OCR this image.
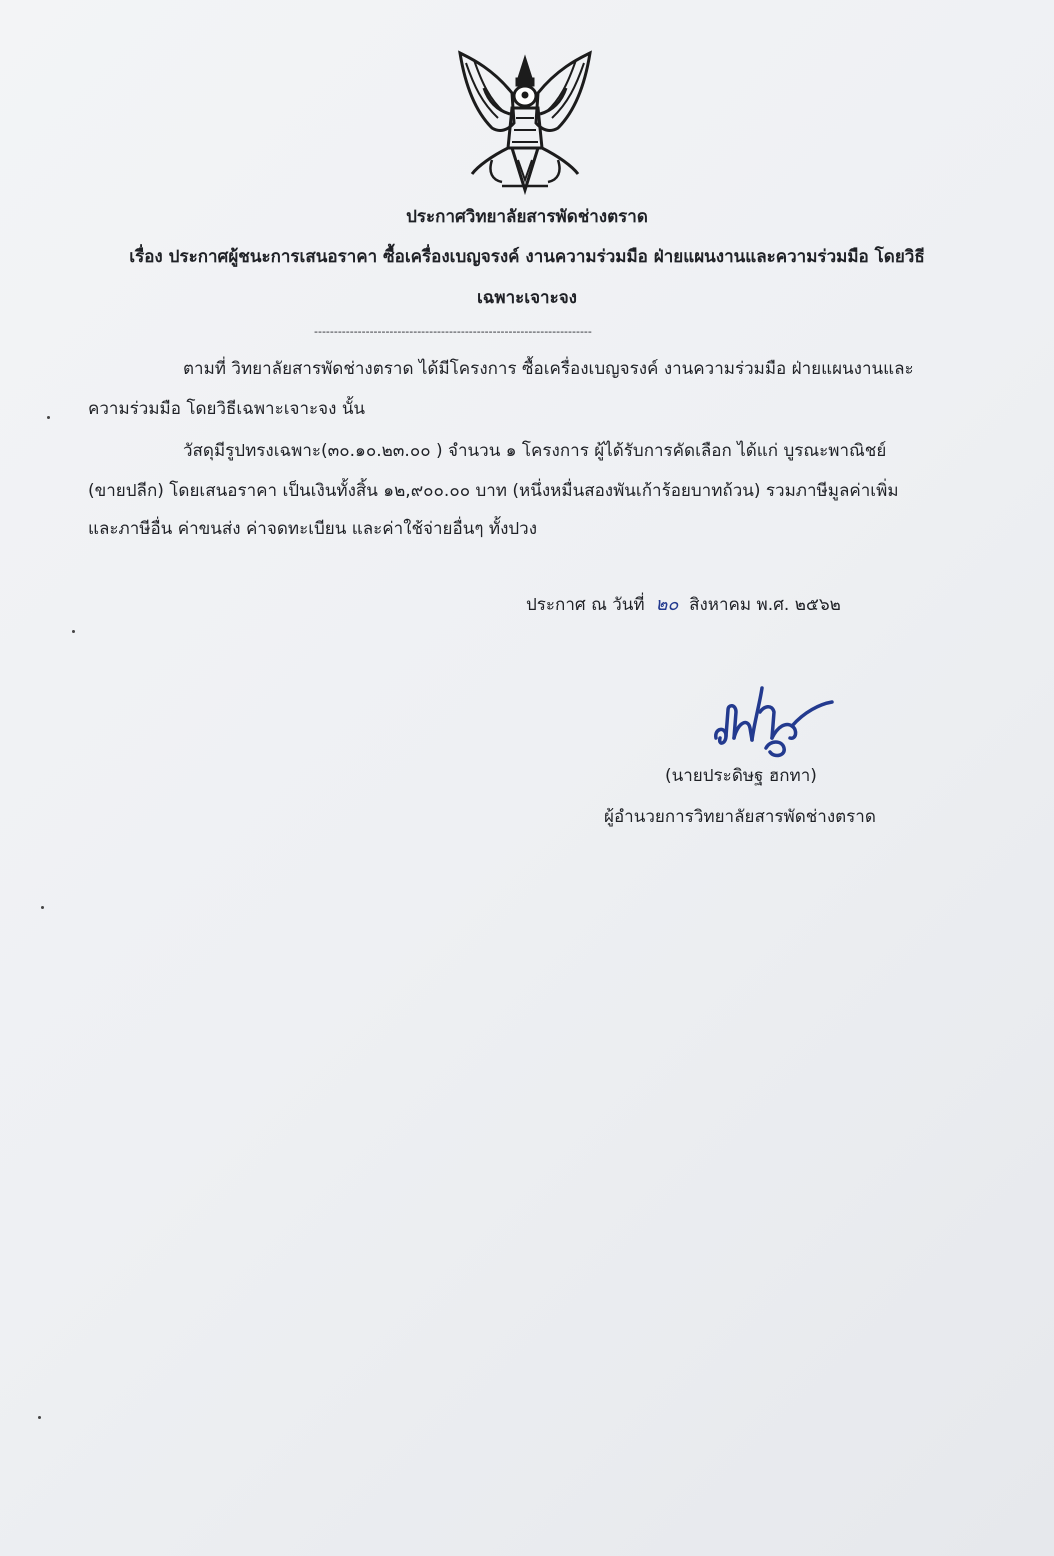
ประกาศวิทยาลัยสารพัดช่างตราด
เรื่อง ประกาศผู้ชนะการเสนอราคา ซื้อเครื่องเบญจรงค์ งานความร่วมมือ ฝ่ายแผนงานและความร่วมมือ โดยวิธี
เฉพาะเจาะจง
----------------------------------------------------------------------
ตามที่ วิทยาลัยสารพัดช่างตราด ได้มีโครงการ ซื้อเครื่องเบญจรงค์ งานความร่วมมือ ฝ่ายแผนงานและ
ความร่วมมือ โดยวิธีเฉพาะเจาะจง นั้น
วัสดุมีรูปทรงเฉพาะ(๓๐.๑๐.๒๓.๐๐ ) จำนวน ๑ โครงการ ผู้ได้รับการคัดเลือก ได้แก่ บูรณะพาณิชย์
(ขายปลีก) โดยเสนอราคา เป็นเงินทั้งสิ้น ๑๒,๙๐๐.๐๐ บาท (หนึ่งหมื่นสองพันเก้าร้อยบาทถ้วน) รวมภาษีมูลค่าเพิ่ม
และภาษีอื่น ค่าขนส่ง ค่าจดทะเบียน และค่าใช้จ่ายอื่นๆ ทั้งปวง
ประกาศ ณ วันที่ ๒๐ สิงหาคม พ.ศ. ๒๕๖๒
(นายประดิษฐ ฮกทา)
ผู้อำนวยการวิทยาลัยสารพัดช่างตราด
